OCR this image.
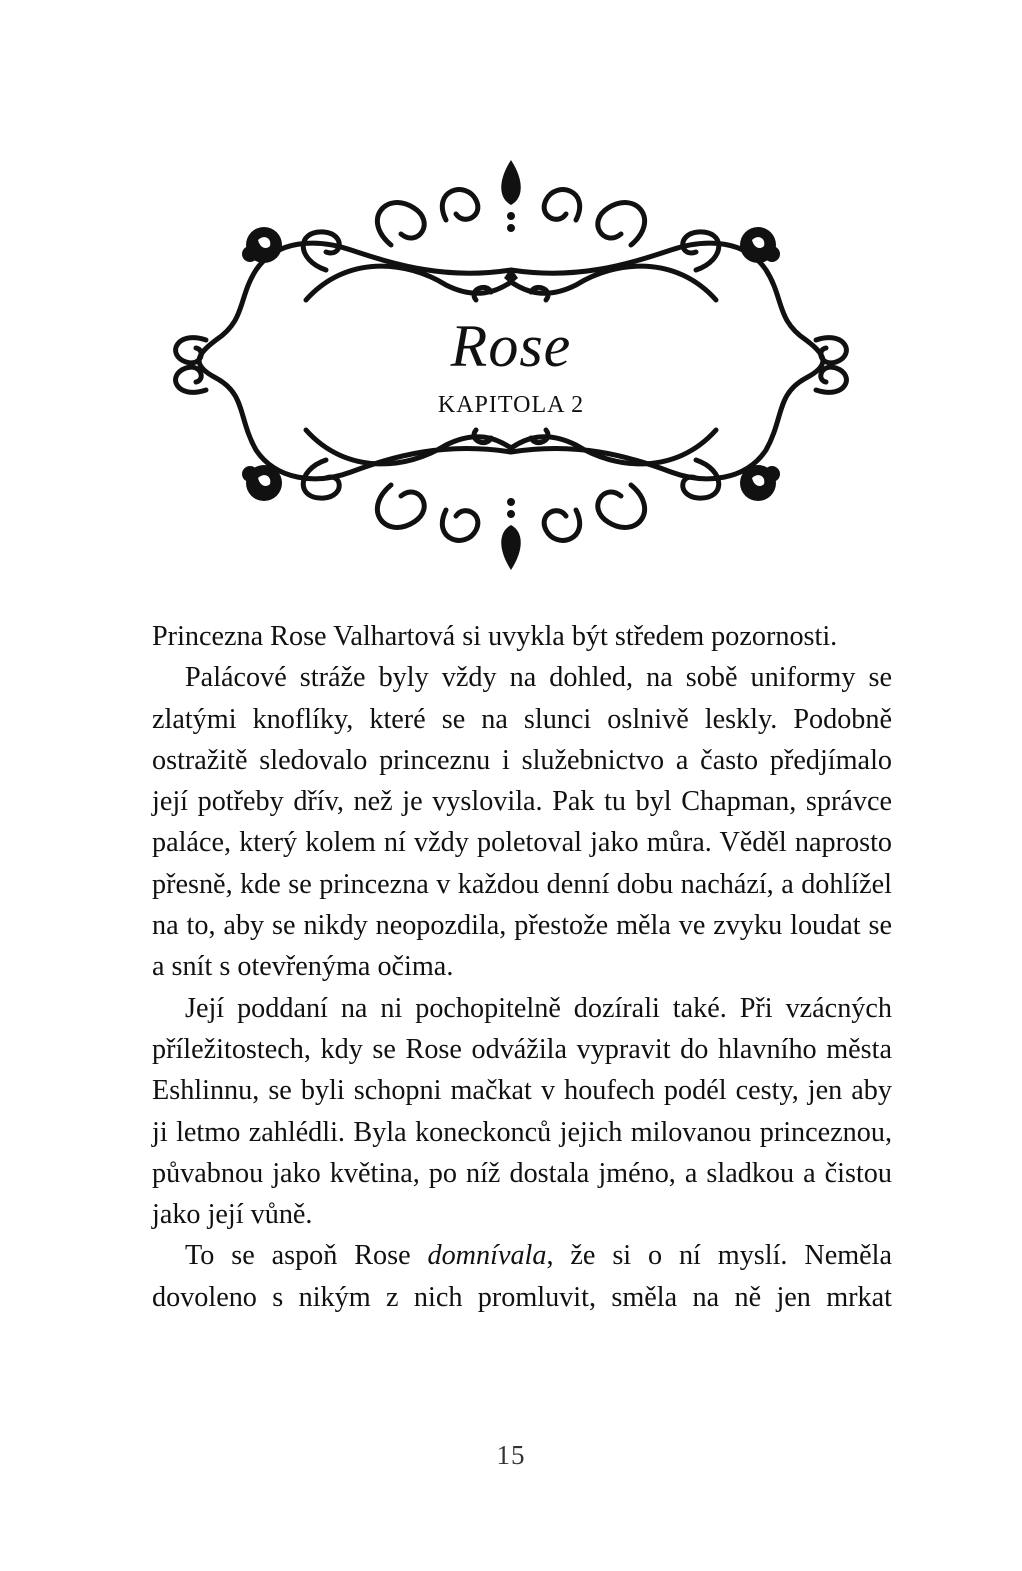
Rose
KAPITOLA 2

Princezna Rose Valhartová si uvykla být středem pozornosti.

Palácové stráže byly vždy na dohled, na sobě uniformy se zlatými knoflíky, které se na slunci oslnivě leskly. Podobně ostražitě sledovalo princeznu i služebnictvo a často předjímalo její potřeby dřív, než je vyslovila. Pak tu byl Chapman, správce paláce, který kolem ní vždy poletoval jako můra. Věděl naprosto přesně, kde se princezna v každou denní dobu nachází, a dohlížel na to, aby se nikdy neopozdila, přestože měla ve zvyku loudat se a snít s otevřenýma očima.

Její poddaní na ni pochopitelně dozírali také. Při vzácných příležitostech, kdy se Rose odvážila vypravit do hlavního města Eshlinnu, se byli schopni mačkat v houfech podél cesty, jen aby ji letmo zahlédli. Byla koneckonců jejich milovanou princeznou, půvabnou jako květina, po níž dostala jméno, a sladkou a čistou jako její vůně.

To se aspoň Rose domnívala, že si o ní myslí. Neměla dovoleno s nikým z nich promluvit, směla na ně jen mrkat

15
